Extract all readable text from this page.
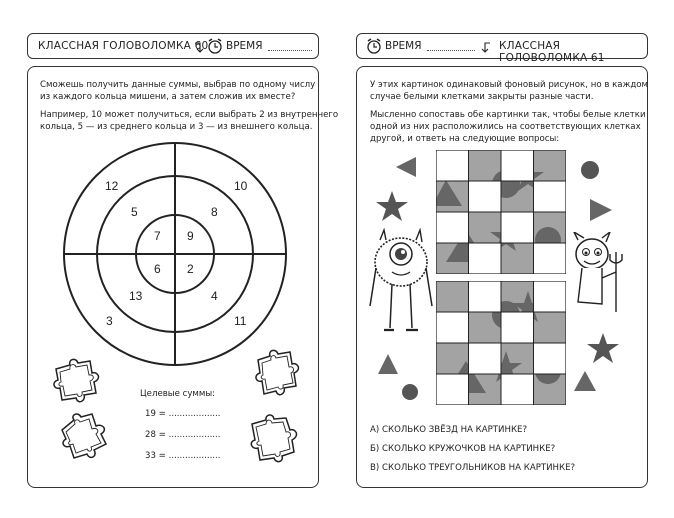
КЛАССНАЯ ГОЛОВОЛОМКА 60 ВРЕМЯ
Сможешь получить данные суммы, выбрав по одному числу
из каждого кольца мишени, а затем сложив их вместе?
Например, 10 может получиться, если выбрать 2 из внутреннего
кольца, 5 — из среднего кольца и 3 — из внешнего кольца.
12	10
3	11
5	8
13	4
7 9
6 2
Целевые суммы:
19 = ...................
28 = ...................
33 = ...................
ВРЕМЯ	КЛАССНАЯ ГОЛОВОЛОМКА 61
У этих картинок одинаковый фоновый рисунок, но в каждом
случае белыми клетками закрыты разные части.
Мысленно сопоставь обе картинки так, чтобы белые клетки
одной из них расположились на соответствующих клетках
другой, и ответь на следующие вопросы:
А) СКОЛЬКО ЗВЁЗД НА КАРТИНКЕ?
Б) СКОЛЬКО КРУЖОЧКОВ НА КАРТИНКЕ?
В) СКОЛЬКО ТРЕУГОЛЬНИКОВ НА КАРТИНКЕ?
